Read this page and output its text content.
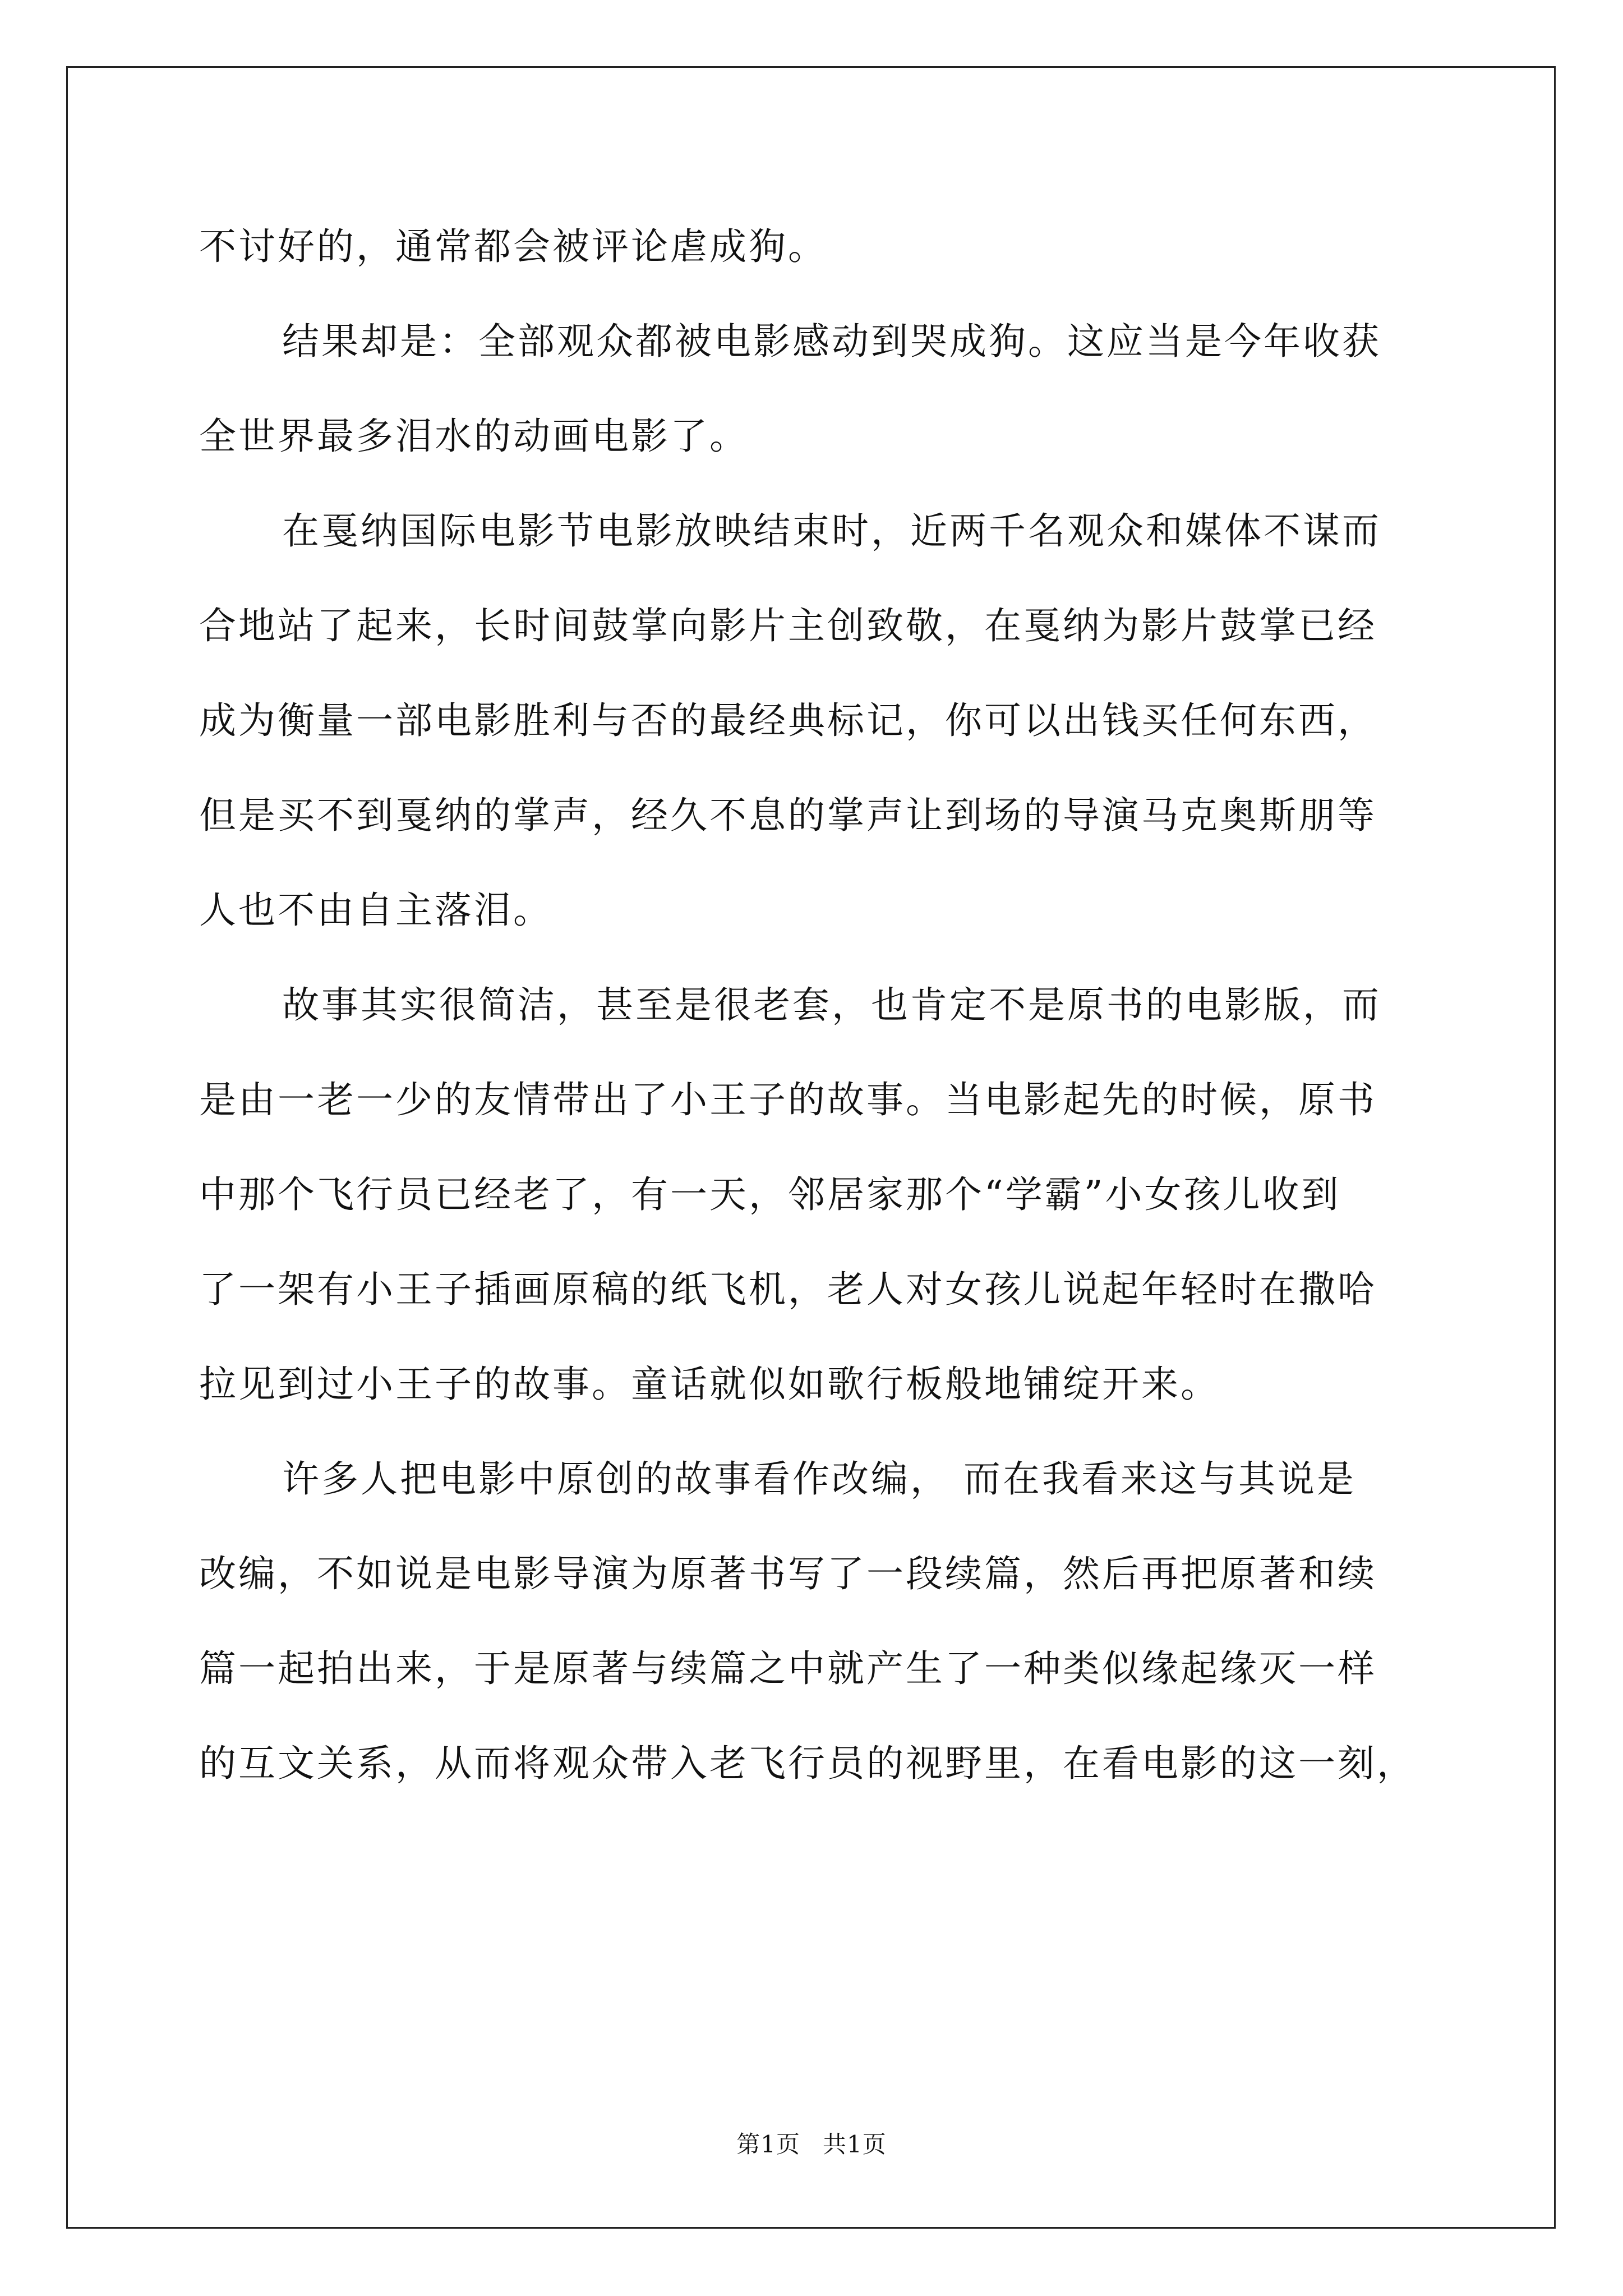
不讨好的，通常都会被评论虐成狗。
结果却是：全部观众都被电影感动到哭成狗。这应当是今年收获
全世界最多泪水的动画电影了。
在戛纳国际电影节电影放映结束时，近两千名观众和媒体不谋而
合地站了起来，长时间鼓掌向影片主创致敬，在戛纳为影片鼓掌已经
成为衡量一部电影胜利与否的最经典标记，你可以出钱买任何东西，
但是买不到戛纳的掌声，经久不息的掌声让到场的导演马克奥斯朋等
人也不由自主落泪。
故事其实很简洁，甚至是很老套，也肯定不是原书的电影版，而
是由一老一少的友情带出了小王子的故事。当电影起先的时候，原书
中那个飞行员已经老了，有一天，邻居家那个“学霸”小女孩儿收到
了一架有小王子插画原稿的纸飞机，老人对女孩儿说起年轻时在撒哈
拉见到过小王子的故事。童话就似如歌行板般地铺绽开来。
许多人把电影中原创的故事看作改编， 而在我看来这与其说是
改编，不如说是电影导演为原著书写了一段续篇，然后再把原著和续
篇一起拍出来，于是原著与续篇之中就产生了一种类似缘起缘灭一样
的互文关系，从而将观众带入老飞行员的视野里，在看电影的这一刻，
第1页 共1页
